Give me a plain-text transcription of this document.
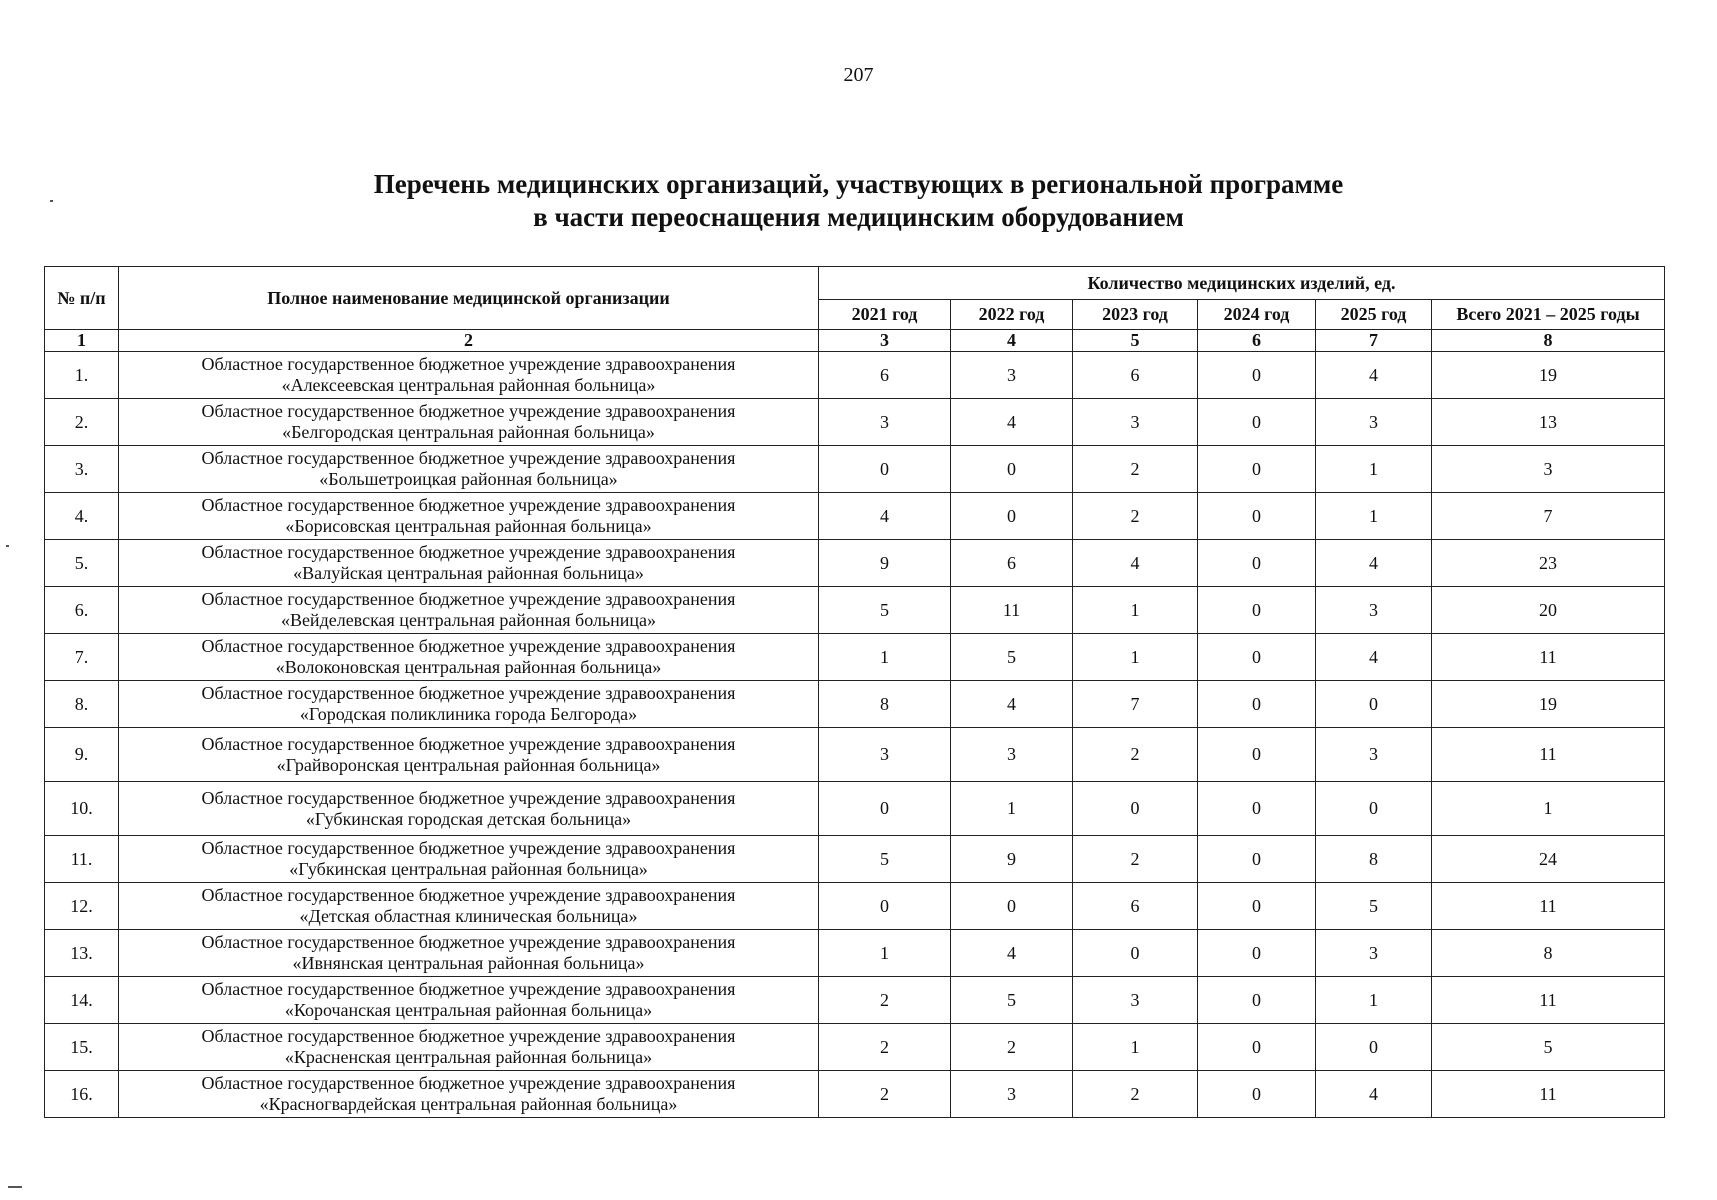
207
Перечень медицинских организаций, участвующих в региональной программе
в части переоснащения медицинским оборудованием
№ п/п	Полное наименование медицинской организации	Количество медицинских изделий, ед.					
		2021 год	2022 год	2023 год	2024 год	2025 год	Всего 2021 – 2025 годы
1	2	3	4	5	6	7	8
1.	Областное государственное бюджетное учреждение здравоохранения
«Алексеевская центральная районная больница»	6	3	6	0	4	19
2.	Областное государственное бюджетное учреждение здравоохранения
«Белгородская центральная районная больница»	3	4	3	0	3	13
3.	Областное государственное бюджетное учреждение здравоохранения
«Большетроицкая районная больница»	0	0	2	0	1	3
4.	Областное государственное бюджетное учреждение здравоохранения
«Борисовская центральная районная больница»	4	0	2	0	1	7
5.	Областное государственное бюджетное учреждение здравоохранения
«Валуйская центральная районная больница»	9	6	4	0	4	23
6.	Областное государственное бюджетное учреждение здравоохранения
«Вейделевская центральная районная больница»	5	11	1	0	3	20
7.	Областное государственное бюджетное учреждение здравоохранения
«Волоконовская центральная районная больница»	1	5	1	0	4	11
8.	Областное государственное бюджетное учреждение здравоохранения
«Городская поликлиника города Белгорода»	8	4	7	0	0	19
9.	Областное государственное бюджетное учреждение здравоохранения
«Грайворонская центральная районная больница»	3	3	2	0	3	11
10.	Областное государственное бюджетное учреждение здравоохранения
«Губкинская городская детская больница»	0	1	0	0	0	1
11.	Областное государственное бюджетное учреждение здравоохранения
«Губкинская центральная районная больница»	5	9	2	0	8	24
12.	Областное государственное бюджетное учреждение здравоохранения
«Детская областная клиническая больница»	0	0	6	0	5	11
13.	Областное государственное бюджетное учреждение здравоохранения
«Ивнянская центральная районная больница»	1	4	0	0	3	8
14.	Областное государственное бюджетное учреждение здравоохранения
«Корочанская центральная районная больница»	2	5	3	0	1	11
15.	Областное государственное бюджетное учреждение здравоохранения
«Красненская центральная районная больница»	2	2	1	0	0	5
16.	Областное государственное бюджетное учреждение здравоохранения
«Красногвардейская центральная районная больница»	2	3	2	0	4	11
